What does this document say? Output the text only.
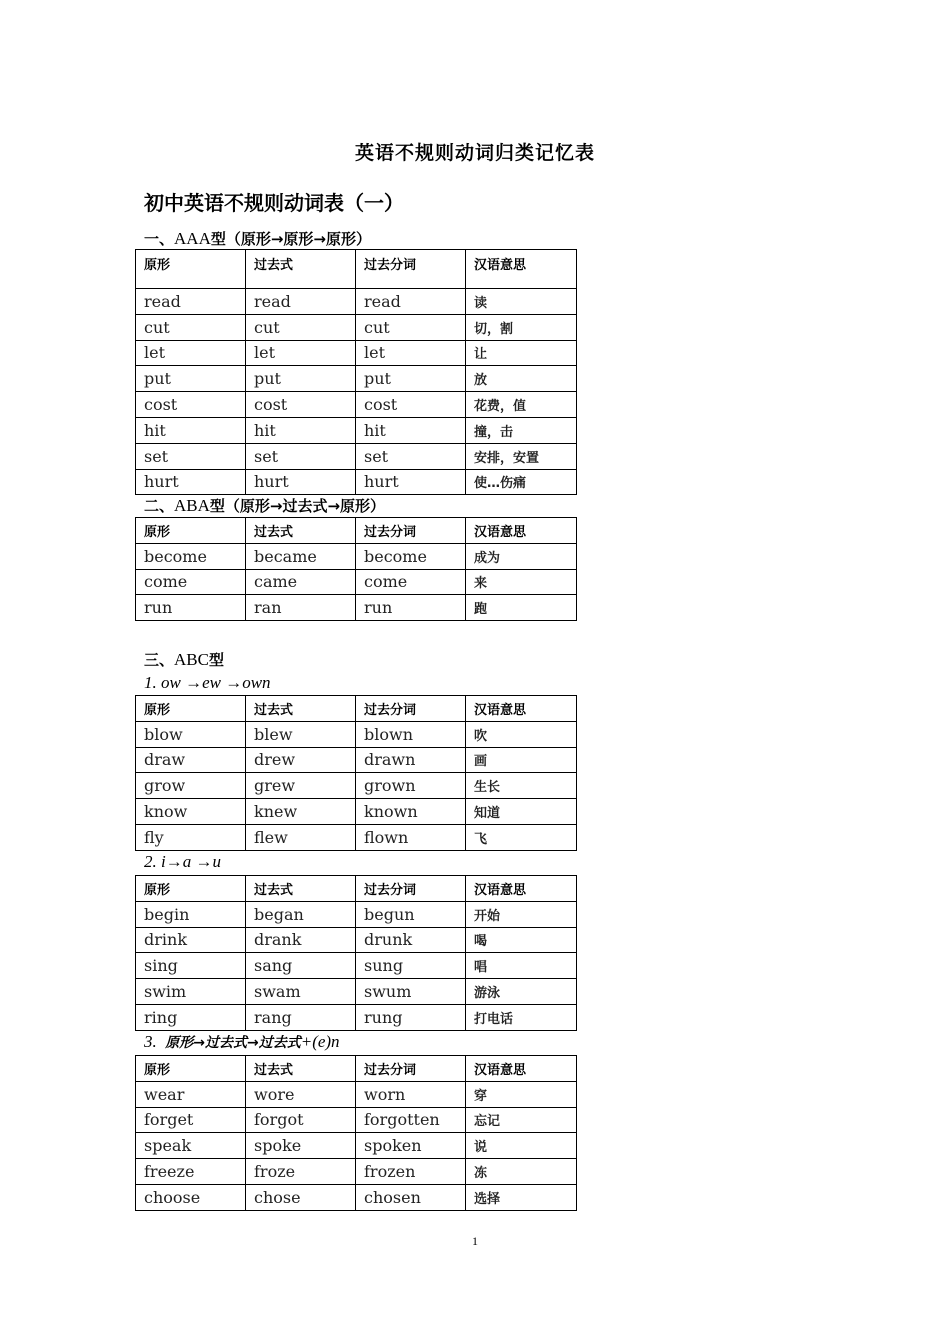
英语不规则动词归类记忆表
初中英语不规则动词表（一）
一、AAA型（原形→原形→原形）
原形	过去式	过去分词	汉语意思
read	read	read	读
cut	cut	cut	切，割
let	let	let	让
put	put	put	放
cost	cost	cost	花费，值
hit	hit	hit	撞，击
set	set	set	安排，安置
hurt	hurt	hurt	使…伤痛
二、ABA型（原形→过去式→原形）
原形	过去式	过去分词	汉语意思
become	became	become	成为
come	came	come	来
run	ran	run	跑
三、ABC型
1. ow →ew →own
原形	过去式	过去分词	汉语意思
blow	blew	blown	吹
draw	drew	drawn	画
grow	grew	grown	生长
know	knew	known	知道
fly	flew	flown	飞
2. i→a →u
原形	过去式	过去分词	汉语意思
begin	began	begun	开始
drink	drank	drunk	喝
sing	sang	sung	唱
swim	swam	swum	游泳
ring	rang	rung	打电话
3. 原形→过去式→过去式+(e)n
原形	过去式	过去分词	汉语意思
wear	wore	worn	穿
forget	forgot	forgotten	忘记
speak	spoke	spoken	说
freeze	froze	frozen	冻
choose	chose	chosen	选择
1
